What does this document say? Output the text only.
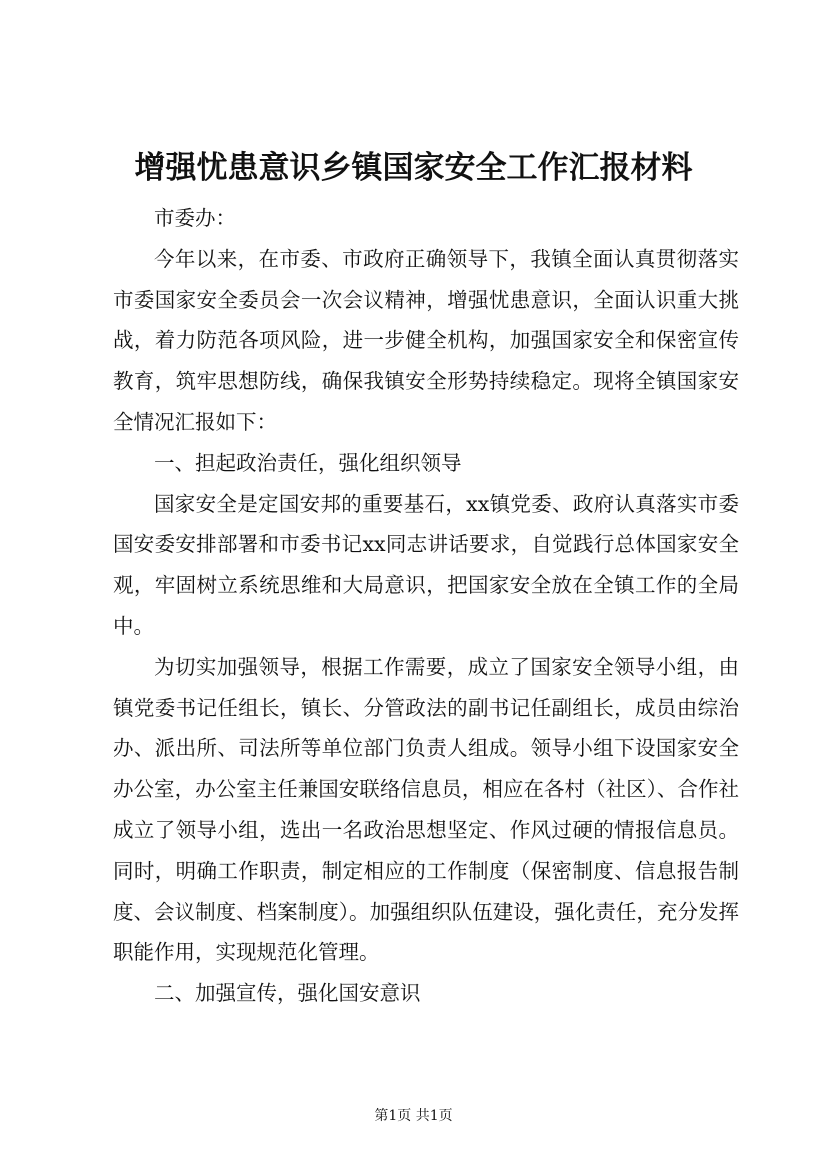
增强忧患意识乡镇国家安全工作汇报材料

市委办：

今年以来，在市委、市政府正确领导下，我镇全面认真贯彻落实市委国家安全委员会一次会议精神，增强忧患意识，全面认识重大挑战，着力防范各项风险，进一步健全机构，加强国家安全和保密宣传教育，筑牢思想防线，确保我镇安全形势持续稳定。现将全镇国家安全情况汇报如下：

一、担起政治责任，强化组织领导

国家安全是定国安邦的重要基石，xx镇党委、政府认真落实市委国安委安排部署和市委书记xx同志讲话要求，自觉践行总体国家安全观，牢固树立系统思维和大局意识，把国家安全放在全镇工作的全局中。

为切实加强领导，根据工作需要，成立了国家安全领导小组，由镇党委书记任组长，镇长、分管政法的副书记任副组长，成员由综治办、派出所、司法所等单位部门负责人组成。领导小组下设国家安全办公室，办公室主任兼国安联络信息员，相应在各村（社区）、合作社成立了领导小组，选出一名政治思想坚定、作风过硬的情报信息员。同时，明确工作职责，制定相应的工作制度（保密制度、信息报告制度、会议制度、档案制度）。加强组织队伍建设，强化责任，充分发挥职能作用，实现规范化管理。

二、加强宣传，强化国安意识

第1页 共1页
